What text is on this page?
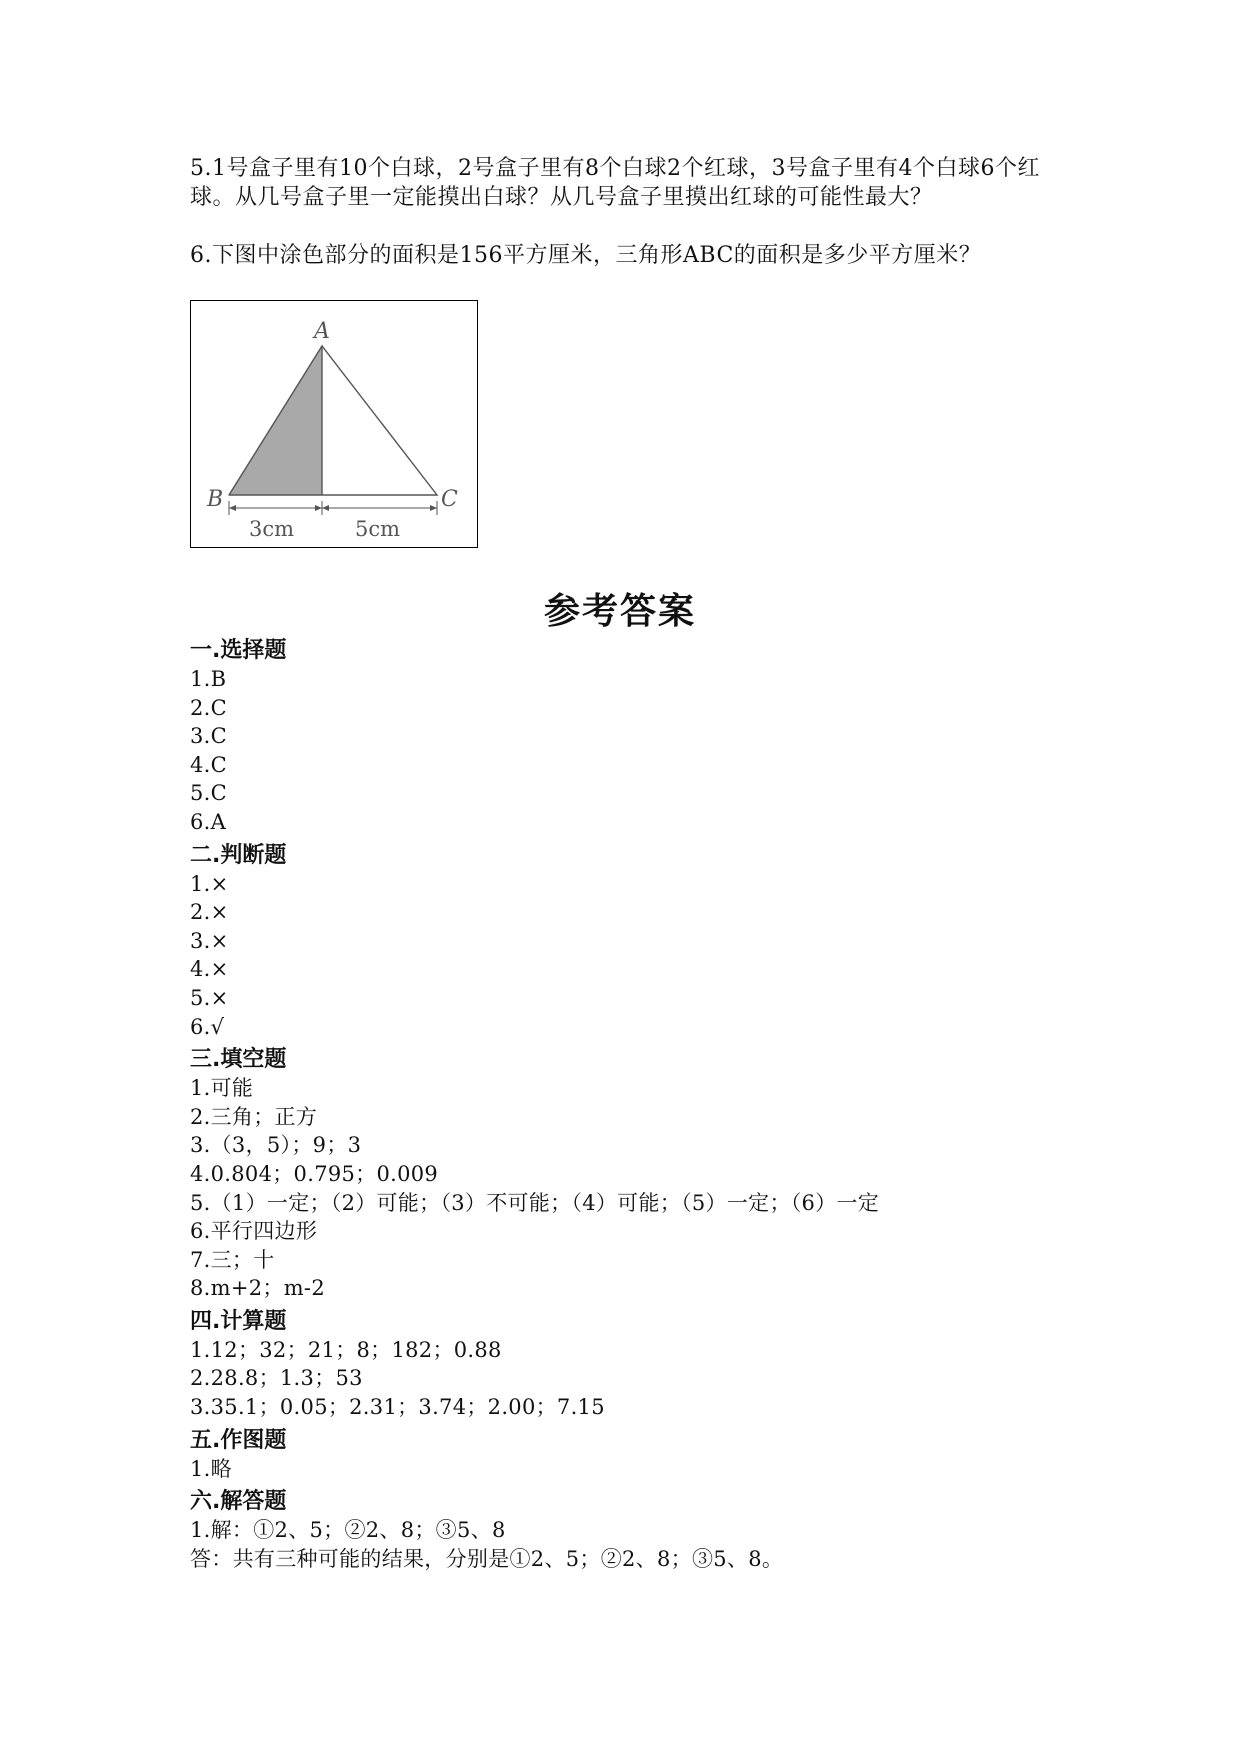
5.1号盒子里有10个白球，2号盒子里有8个白球2个红球，3号盒子里有4个白球6个红球。从几号盒子里一定能摸出白球？从几号盒子里摸出红球的可能性最大？
6.下图中涂色部分的面积是156平方厘米，三角形ABC的面积是多少平方厘米？
A
B	C
3cm	5cm
参考答案
一.选择题
1.B
2.C
3.C
4.C
5.C
6.A
二.判断题
1.×
2.×
3.×
4.×
5.×
6.√
三.填空题
1.可能
2.三角；正方
3.（3，5）；9；3
4.0.804；0.795；0.009
5.（1）一定；（2）可能；（3）不可能；（4）可能；（5）一定；（6）一定
6.平行四边形
7.三；十
8.m+2；m-2
四.计算题
1.12；32；21；8；182；0.88
2.28.8；1.3；53
3.35.1；0.05；2.31；3.74；2.00；7.15
五.作图题
1.略
六.解答题
1.解：①2、5；②2、8；③5、8
答：共有三种可能的结果，分别是①2、5；②2、8；③5、8。
